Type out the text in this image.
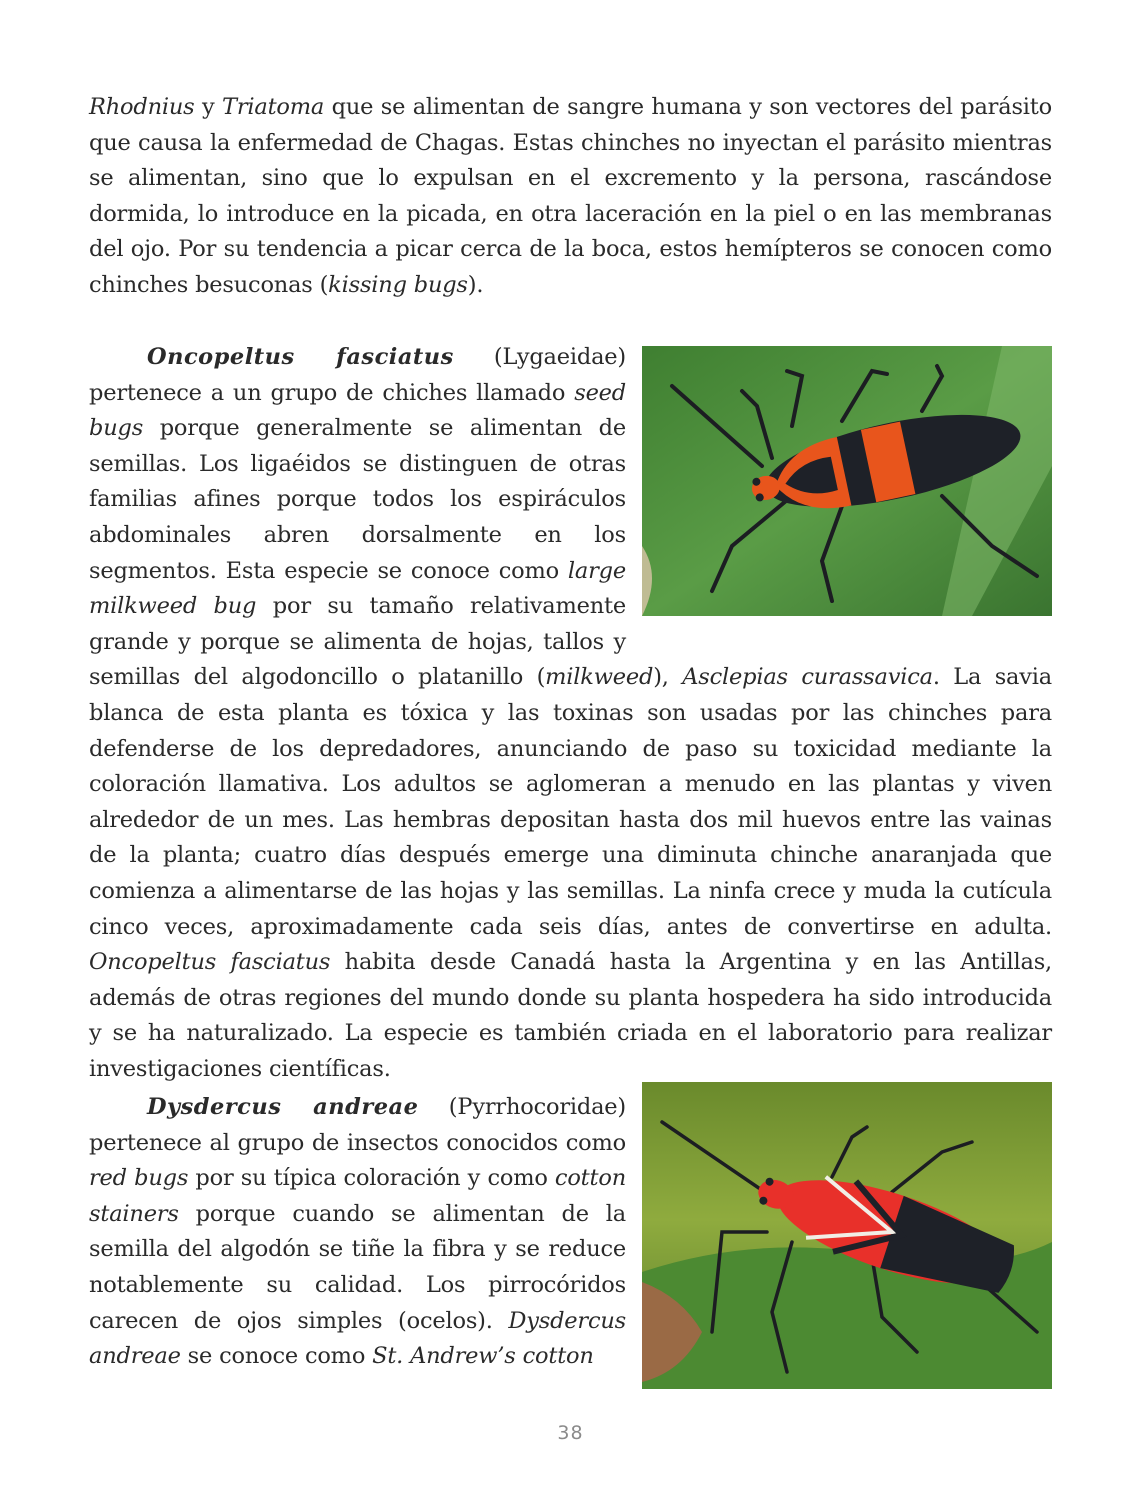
Rhodnius y Triatoma que se alimentan de sangre humana y son vectores del parásito que causa la enfermedad de Chagas. Estas chinches no inyectan el parásito mientras se alimentan, sino que lo expulsan en el excremento y la persona, rascándose dormida, lo introduce en la picada, en otra laceración en la piel o en las membranas del ojo. Por su tendencia a picar cerca de la boca, estos hemípteros se conocen como chinches besuconas (kissing bugs).
Oncopeltus fasciatus (Lygaeidae) pertenece a un grupo de chiches llamado seed bugs porque generalmente se alimentan de semillas. Los ligaéidos se distinguen de otras familias afines porque todos los espiráculos abdominales abren dorsalmente en los segmentos. Esta especie se conoce como large milkweed bug por su tamaño relativamente grande y porque se alimenta de hojas, tallos y semillas del algodoncillo o platanillo (milkweed), Asclepias curassavica. La savia blanca de esta planta es tóxica y las toxinas son usadas por las chinches para defenderse de los depredadores, anunciando de paso su toxicidad mediante la coloración llamativa. Los adultos se aglomeran a menudo en las plantas y viven alrededor de un mes. Las hembras depositan hasta dos mil huevos entre las vainas de la planta; cuatro días después emerge una diminuta chinche anaranjada que comienza a alimentarse de las hojas y las semillas. La ninfa crece y muda la cutícula cinco veces, aproximadamente cada seis días, antes de convertirse en adulta. Oncopeltus fasciatus habita desde Canadá hasta la Argentina y en las Antillas, además de otras regiones del mundo donde su planta hospedera ha sido introducida y se ha naturalizado. La especie es también criada en el laboratorio para realizar investigaciones científicas.
Dysdercus andreae (Pyrrhocoridae) pertenece al grupo de insectos conocidos como red bugs por su típica coloración y como cotton stainers porque cuando se alimentan de la semilla del algodón se tiñe la fibra y se reduce notablemente su calidad. Los pirrocóridos carecen de ojos simples (ocelos). Dysdercus andreae se conoce como St. Andrew’s cotton
38
